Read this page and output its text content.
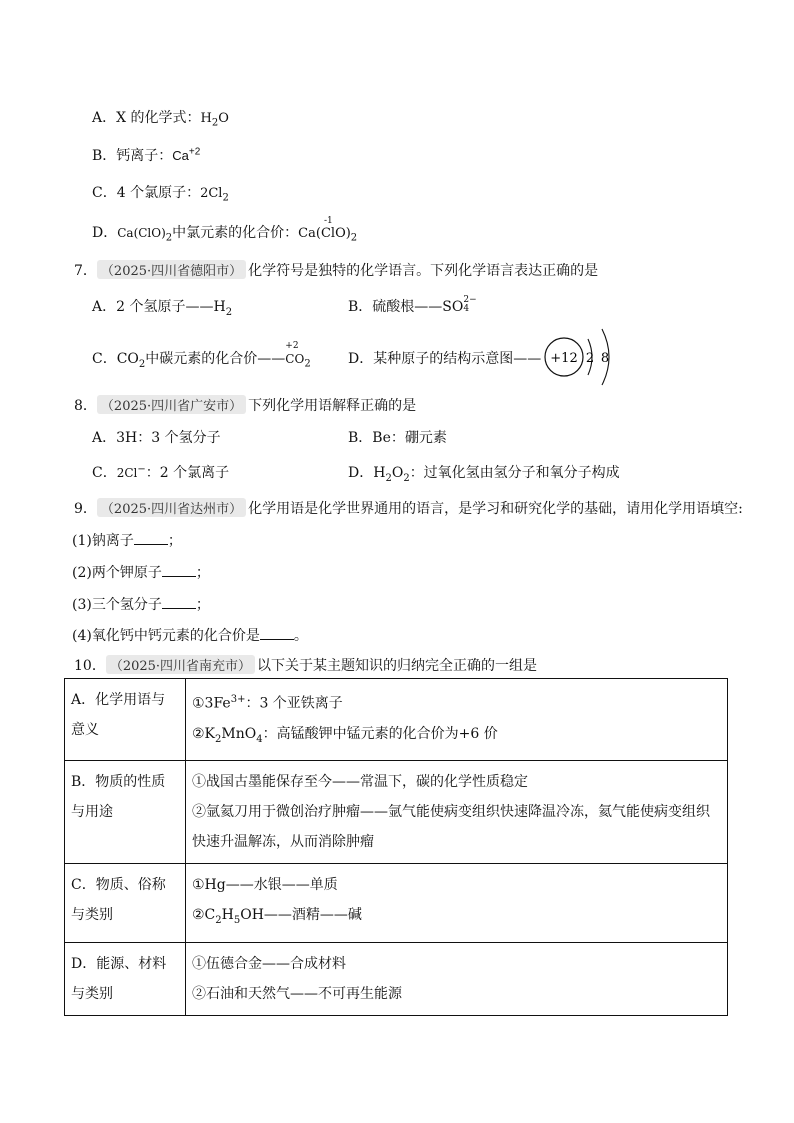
A．X 的化学式：$H_2O$
B．钙离子：$Ca^{+2}$
C．4 个氯原子：$2Cl_2$
D．$Ca(ClO)_2$中氯元素的化合价：Ca(
-1
$ClO)_2$
7． （2025·四川省德阳市） 化学符号是独特的化学语言。下列化学语言表达正确的是
A．2 个氢原子$——H_2$	B．硫酸根——SO2−
4
C．$CO_2$中碳元素的化合价——
+2
$CO_2$	D．某种原子的结构示意图—— +12 2 8
8． （2025·四川省广安市） 下列化学用语解释正确的是
A．3H：3 个氢分子	B．Be：硼元素
C．2Cl−：2 个氯离子	D．$H_2O_2$：过氧化氢由氢分子和氧分子构成
9． （2025·四川省达州市） 化学用语是化学世界通用的语言，是学习和研究化学的基础，请用化学用语填空:
(1)钠离子 ；
(2)两个钾原子 ；
(3)三个氢分子 ；
(4)氧化钙中钙元素的化合价是 。
10． （2025·四川省南充市） 以下关于某主题知识的归纳完全正确的一组是
A．化学用语与意义	$①3Fe^{3+}$：3 个亚铁离子
$②K_2MnO_4$：高锰酸钾中锰元素的化合价为+6 价

B．物质的性质与用途	①战国古墨能保存至今——常温下，碳的化学性质稳定
②氩氦刀用于微创治疗肿瘤——氩气能使病变组织快速降温冷冻，氦气能使病变组织快速升温解冻，从而消除肿瘤

C．物质、俗称与类别	①Hg——水银——单质
$②C_2H_5OH——$酒精——碱

D．能源、材料与类别	①伍德合金——合成材料
②石油和天然气——不可再生能源
